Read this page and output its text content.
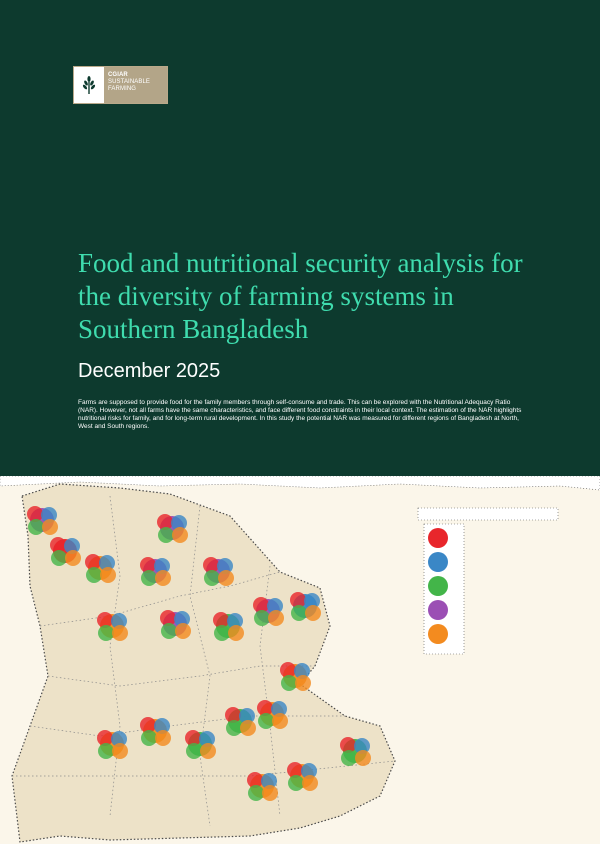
CGIAR
SUSTAINABLE
FARMING
Food and nutritional security analysis for the diversity of farming systems in Southern Bangladesh
December 2025

Farms are supposed to provide food for the family members through self-consume and trade. This can be explored with the Nutritional Adequacy Ratio (NAR). However, not all farms have the same characteristics, and face different food constraints in their local context. The estimation of the NAR highlights nutritional risks for family, and for long-term rural development. In this study the potential NAR was measured for different regions of Bangladesh at North, West and South regions.
